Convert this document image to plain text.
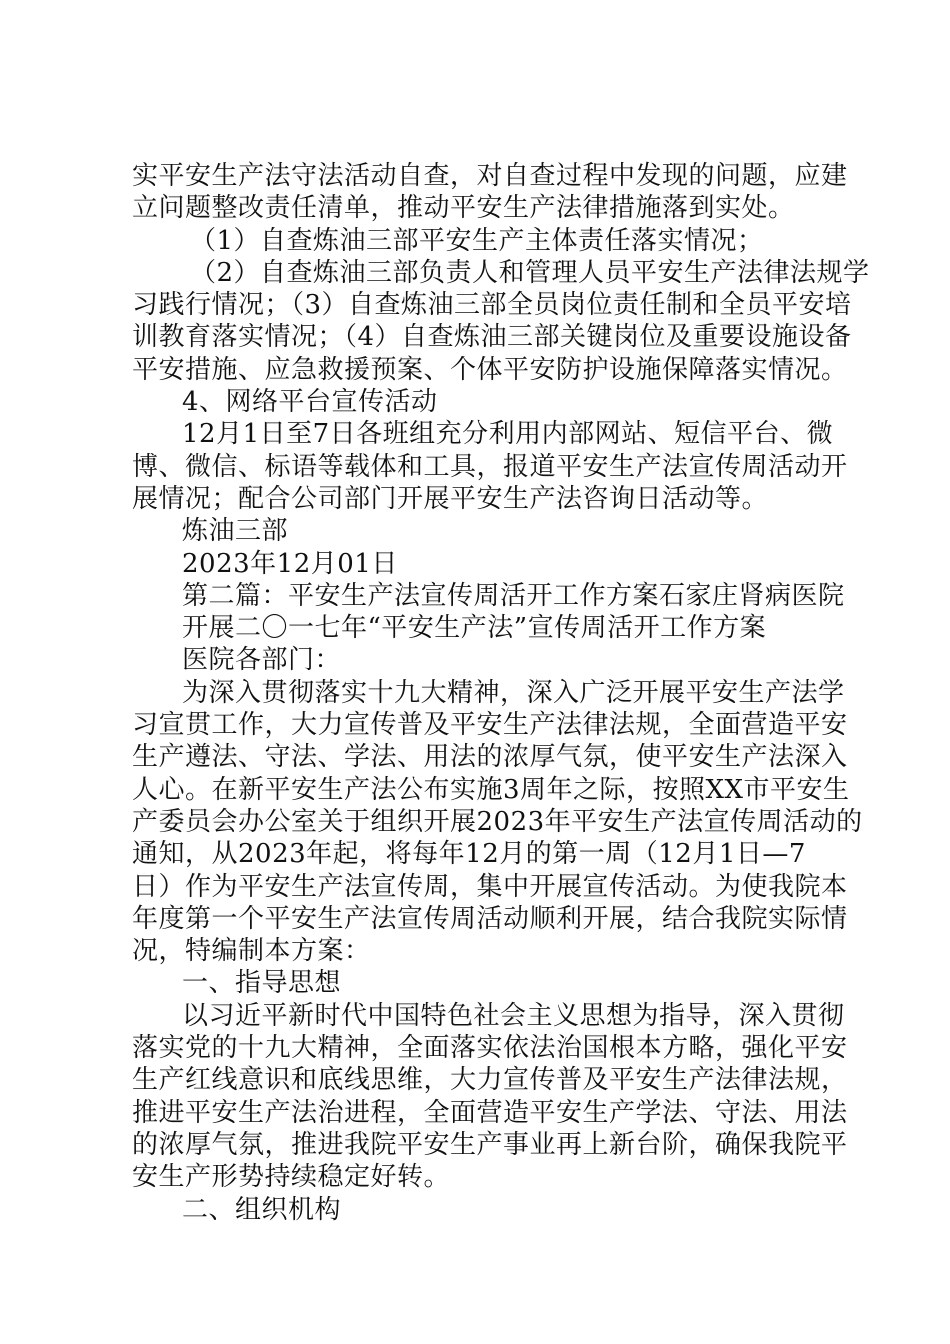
实平安生产法守法活动自查，对自查过程中发现的问题，应建
立问题整改责任清单，推动平安生产法律措施落到实处。
（1）自查炼油三部平安生产主体责任落实情况；
（2）自查炼油三部负责人和管理人员平安生产法律法规学
习践行情况；（3）自查炼油三部全员岗位责任制和全员平安培
训教育落实情况；（4）自查炼油三部关键岗位及重要设施设备
平安措施、应急救援预案、个体平安防护设施保障落实情况。
4、网络平台宣传活动
12月1日至7日各班组充分利用内部网站、短信平台、微
博、微信、标语等载体和工具，报道平安生产法宣传周活动开
展情况；配合公司部门开展平安生产法咨询日活动等。
炼油三部
2023年12月01日
第二篇：平安生产法宣传周活开工作方案石家庄肾病医院
开展二〇一七年“平安生产法”宣传周活开工作方案
医院各部门：
为深入贯彻落实十九大精神，深入广泛开展平安生产法学
习宣贯工作，大力宣传普及平安生产法律法规，全面营造平安
生产遵法、守法、学法、用法的浓厚气氛，使平安生产法深入
人心。在新平安生产法公布实施3周年之际，按照XX市平安生
产委员会办公室关于组织开展2023年平安生产法宣传周活动的
通知，从2023年起，将每年12月的第一周（12月1日—7
日）作为平安生产法宣传周，集中开展宣传活动。为使我院本
年度第一个平安生产法宣传周活动顺利开展，结合我院实际情
况，特编制本方案：
一、指导思想
以习近平新时代中国特色社会主义思想为指导，深入贯彻
落实党的十九大精神，全面落实依法治国根本方略，强化平安
生产红线意识和底线思维，大力宣传普及平安生产法律法规，
推进平安生产法治进程，全面营造平安生产学法、守法、用法
的浓厚气氛，推进我院平安生产事业再上新台阶，确保我院平
安生产形势持续稳定好转。
二、组织机构
